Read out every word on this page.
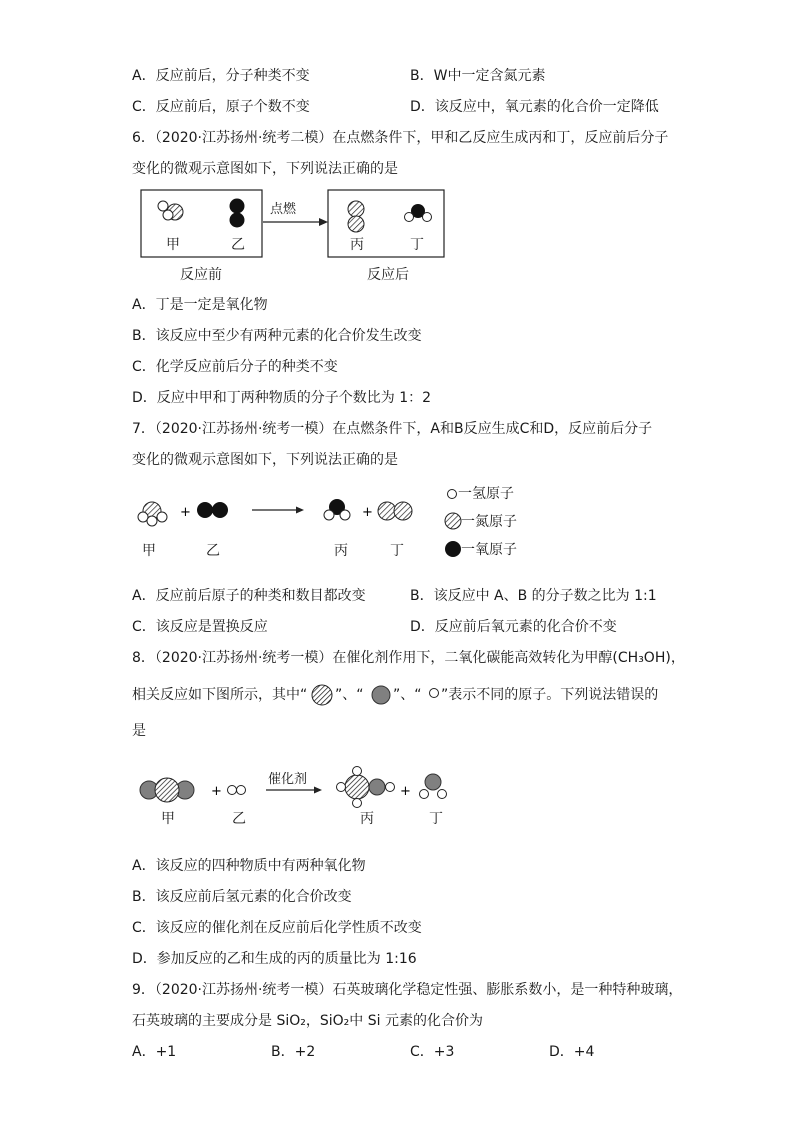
A．反应前后，分子种类不变	B．W中一定含氮元素
C．反应前后，原子个数不变	D．该反应中，氧元素的化合价一定降低
6．（2020·江苏扬州·统考二模）在点燃条件下，甲和乙反应生成丙和丁，反应前后分子
变化的微观示意图如下，下列说法正确的是
点燃
甲	乙	丙	丁
反应前	反应后
A．丁是一定是氧化物
B．该反应中至少有两种元素的化合价发生改变
C．化学反应前后分子的种类不变
D．反应中甲和丁两种物质的分子个数比为 1：2
7．（2020·江苏扬州·统考一模）在点燃条件下，A和B反应生成C和D，反应前后分子
变化的微观示意图如下，下列说法正确的是
+	+
一氢原子
一氮原子
一氧原子
甲	乙	丙	丁
A．反应前后原子的种类和数目都改变	B．该反应中 A、B 的分子数之比为 1:1
C．该反应是置换反应	D．反应前后氧元素的化合价不变
8．（2020·江苏扬州·统考一模）在催化剂作用下，二氧化碳能高效转化为甲醇(CH₃OH)，
相关反应如下图所示，其中“ ”、“ ”、“ ”表示不同的原子。下列说法错误的
是
+	+
催化剂
甲	乙	丙	丁
A．该反应的四种物质中有两种氧化物
B．该反应前后氢元素的化合价改变
C．该反应的催化剂在反应前后化学性质不改变
D．参加反应的乙和生成的丙的质量比为 1:16
9．（2020·江苏扬州·统考一模）石英玻璃化学稳定性强、膨胀系数小，是一种特种玻璃，
石英玻璃的主要成分是 SiO₂，SiO₂中 Si 元素的化合价为
A．+1	B．+2	C．+3	D．+4
